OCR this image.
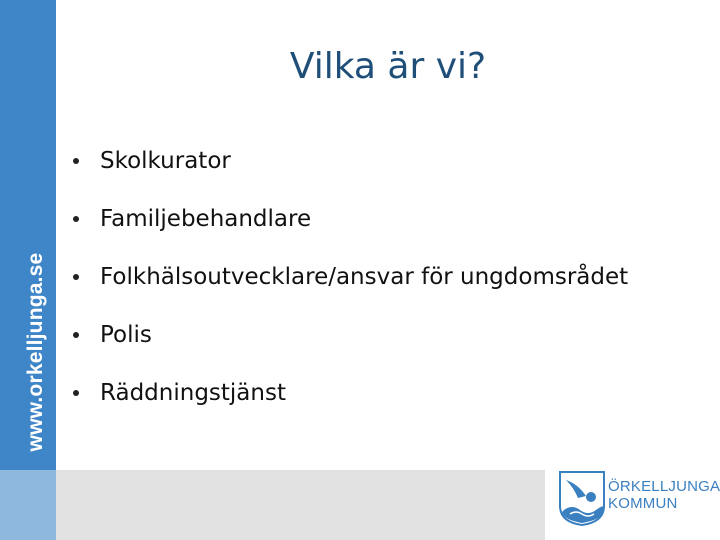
www.orkelljunga.se
Vilka är vi?
Skolkurator
Familjebehandlare
Folkhälsoutvecklare/ansvar för ungdomsrådet
Polis
Räddningstjänst
ÖRKELLJUNGA
KOMMUN
